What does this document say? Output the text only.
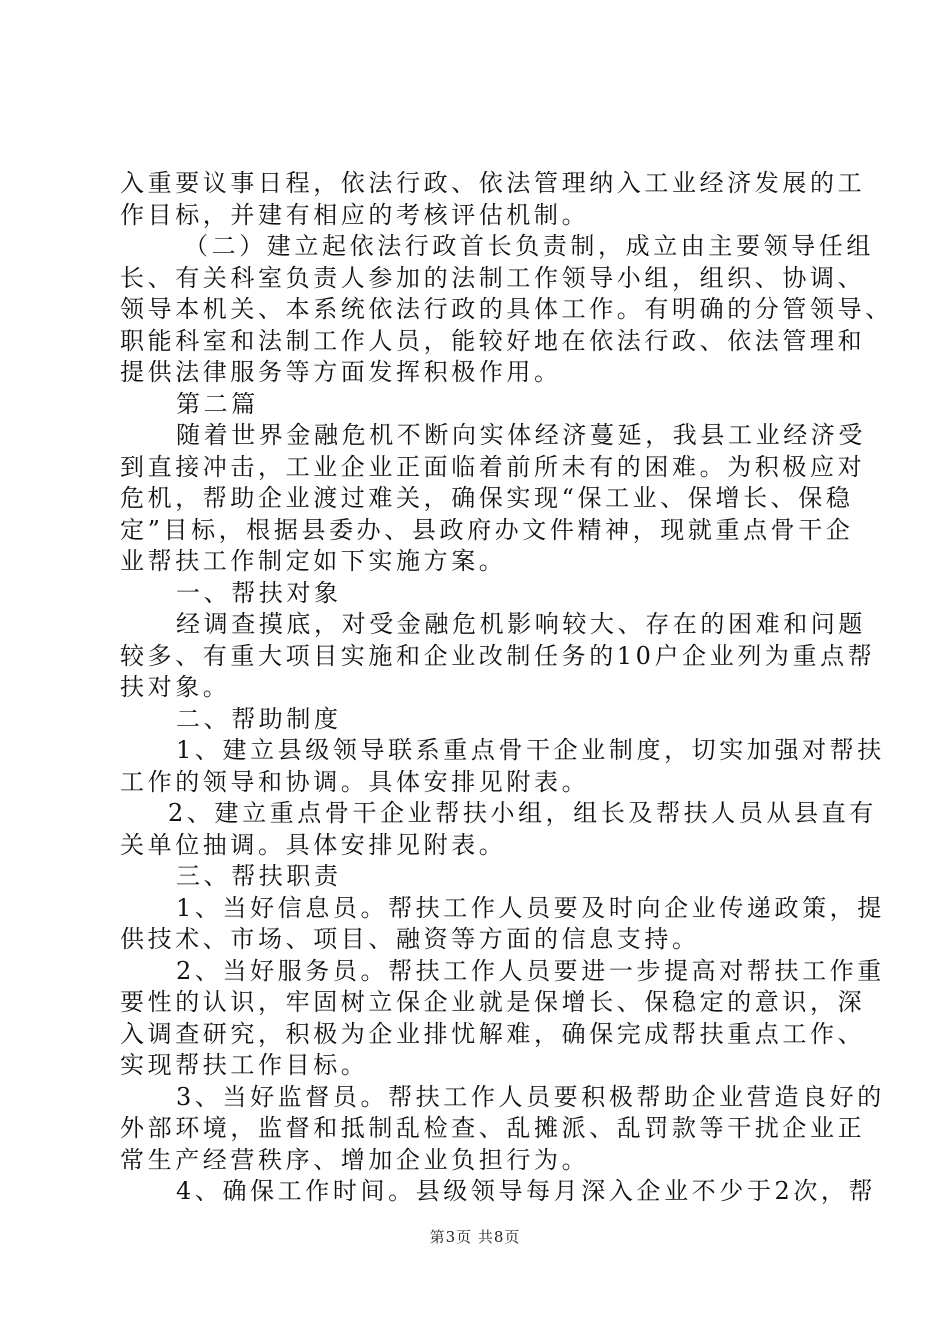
入重要议事日程，依法行政、依法管理纳入工业经济发展的工
作目标，并建有相应的考核评估机制。
（二）建立起依法行政首长负责制，成立由主要领导任组
长、有关科室负责人参加的法制工作领导小组，组织、协调、
领导本机关、本系统依法行政的具体工作。有明确的分管领导、
职能科室和法制工作人员，能较好地在依法行政、依法管理和
提供法律服务等方面发挥积极作用。
第二篇
随着世界金融危机不断向实体经济蔓延，我县工业经济受
到直接冲击，工业企业正面临着前所未有的困难。为积极应对
危机，帮助企业渡过难关，确保实现“保工业、保增长、保稳
定”目标，根据县委办、县政府办文件精神，现就重点骨干企
业帮扶工作制定如下实施方案。
一、帮扶对象
经调查摸底，对受金融危机影响较大、存在的困难和问题
较多、有重大项目实施和企业改制任务的10户企业列为重点帮
扶对象。
二、帮助制度
1、建立县级领导联系重点骨干企业制度，切实加强对帮扶
工作的领导和协调。具体安排见附表。
2、建立重点骨干企业帮扶小组，组长及帮扶人员从县直有
关单位抽调。具体安排见附表。
三、帮扶职责
1、当好信息员。帮扶工作人员要及时向企业传递政策，提
供技术、市场、项目、融资等方面的信息支持。
2、当好服务员。帮扶工作人员要进一步提高对帮扶工作重
要性的认识，牢固树立保企业就是保增长、保稳定的意识，深
入调查研究，积极为企业排忧解难，确保完成帮扶重点工作、
实现帮扶工作目标。
3、当好监督员。帮扶工作人员要积极帮助企业营造良好的
外部环境，监督和抵制乱检查、乱摊派、乱罚款等干扰企业正
常生产经营秩序、增加企业负担行为。
4、确保工作时间。县级领导每月深入企业不少于2次，帮
第3页 共8页
